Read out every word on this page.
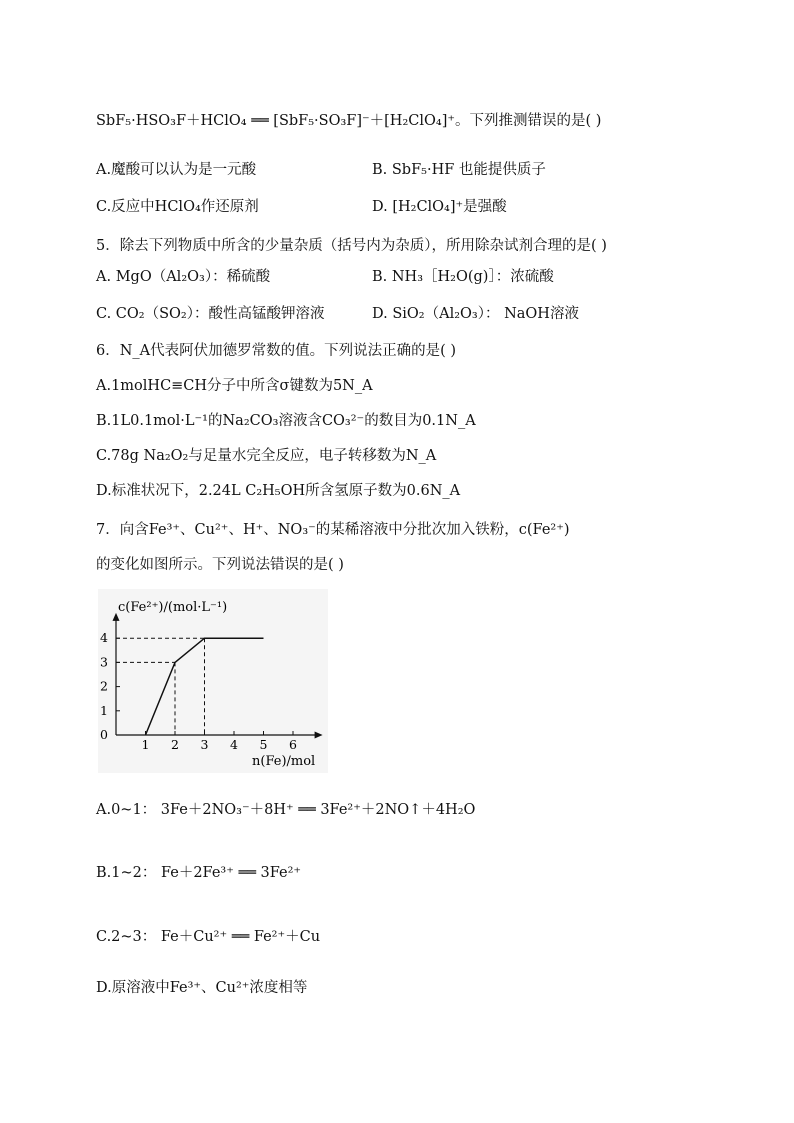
SbF₅·HSO₃F＋HClO₄ ══ [SbF₅·SO₃F]⁻＋[H₂ClO₄]⁺。下列推测错误的是( )
A.魔酸可以认为是一元酸	B. SbF₅·HF 也能提供质子
C.反应中HClO₄作还原剂	D. [H₂ClO₄]⁺是强酸
5．除去下列物质中所含的少量杂质（括号内为杂质），所用除杂试剂合理的是( )
A. MgO（Al₂O₃）：稀硫酸	B. NH₃［H₂O(g)］：浓硫酸
C. CO₂（SO₂）：酸性高锰酸钾溶液	D. SiO₂（Al₂O₃）： NaOH溶液
6．N_A代表阿伏加德罗常数的值。下列说法正确的是( )
A.1molHC≡CH分子中所含σ键数为5N_A
B.1L0.1mol·L⁻¹的Na₂CO₃溶液含CO₃²⁻的数目为0.1N_A
C.78g Na₂O₂与足量水完全反应，电子转移数为N_A
D.标准状况下，2.24L C₂H₅OH所含氢原子数为0.6N_A
7．向含Fe³⁺、Cu²⁺、H⁺、NO₃⁻的某稀溶液中分批次加入铁粉，c(Fe²⁺)
的变化如图所示。下列说法错误的是( )
c(Fe²⁺)/(mol·L⁻¹)
n(Fe)/mol
1 2 3 4 5 6
0
1
2
3
4
A.0~1： 3Fe＋2NO₃⁻＋8H⁺ ══ 3Fe²⁺＋2NO↑＋4H₂O
B.1~2： Fe＋2Fe³⁺ ══ 3Fe²⁺
C.2~3： Fe＋Cu²⁺ ══ Fe²⁺＋Cu
D.原溶液中Fe³⁺、Cu²⁺浓度相等
